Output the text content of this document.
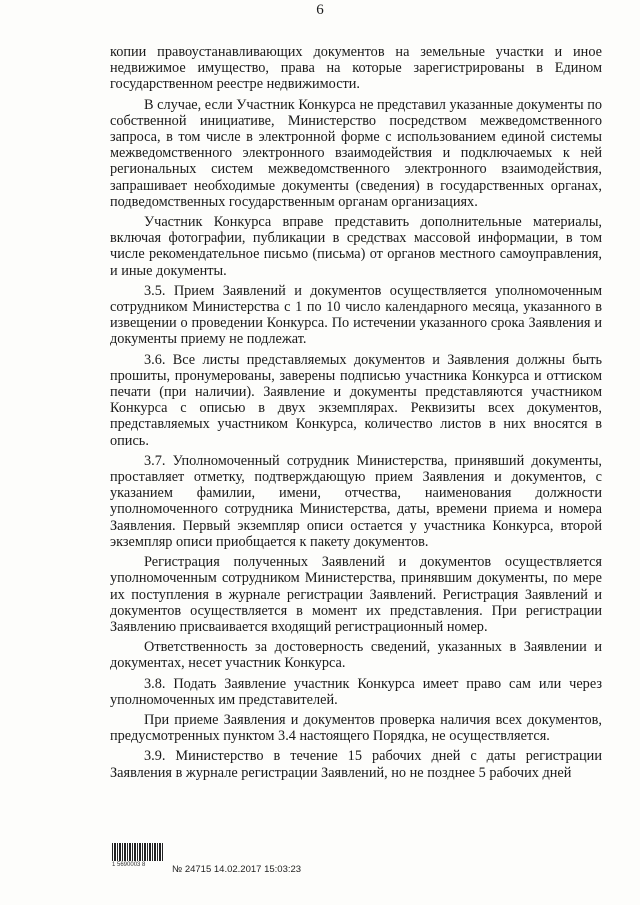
6

копии правоустанавливающих документов на земельные участки и иное недвижимое имущество, права на которые зарегистрированы в Едином государственном реестре недвижимости.

В случае, если Участник Конкурса не представил указанные документы по собственной инициативе, Министерство посредством межведомственного запроса, в том числе в электронной форме с использованием единой системы межведомственного электронного взаимодействия и подключаемых к ней региональных систем межведомственного электронного взаимодействия, запрашивает необходимые документы (сведения) в государственных органах, подведомственных государственным органам организациях.

Участник Конкурса вправе представить дополнительные материалы, включая фотографии, публикации в средствах массовой информации, в том числе рекомендательное письмо (письма) от органов местного самоуправления, и иные документы.

3.5. Прием Заявлений и документов осуществляется уполномоченным сотрудником Министерства с 1 по 10 число календарного месяца, указанного в извещении о проведении Конкурса. По истечении указанного срока Заявления и документы приему не подлежат.

3.6. Все листы представляемых документов и Заявления должны быть прошиты, пронумерованы, заверены подписью участника Конкурса и оттиском печати (при наличии). Заявление и документы представляются участником Конкурса с описью в двух экземплярах. Реквизиты всех документов, представляемых участником Конкурса, количество листов в них вносятся в опись.

3.7. Уполномоченный сотрудник Министерства, принявший документы, проставляет отметку, подтверждающую прием Заявления и документов, с указанием фамилии, имени, отчества, наименования должности уполномоченного сотрудника Министерства, даты, времени приема и номера Заявления. Первый экземпляр описи остается у участника Конкурса, второй экземпляр описи приобщается к пакету документов.

Регистрация полученных Заявлений и документов осуществляется уполномоченным сотрудником Министерства, принявшим документы, по мере их поступления в журнале регистрации Заявлений. Регистрация Заявлений и документов осуществляется в момент их представления. При регистрации Заявлению присваивается входящий регистрационный номер.

Ответственность за достоверность сведений, указанных в Заявлении и документах, несет участник Конкурса.

3.8. Подать Заявление участник Конкурса имеет право сам или через уполномоченных им представителей.

При приеме Заявления и документов проверка наличия всех документов, предусмотренных пунктом 3.4 настоящего Порядка, не осуществляется.

3.9. Министерство в течение 15 рабочих дней с даты регистрации Заявления в журнале регистрации Заявлений, но не позднее 5 рабочих дней

1 5690003 8	№ 24715 14.02.2017 15:03:23
